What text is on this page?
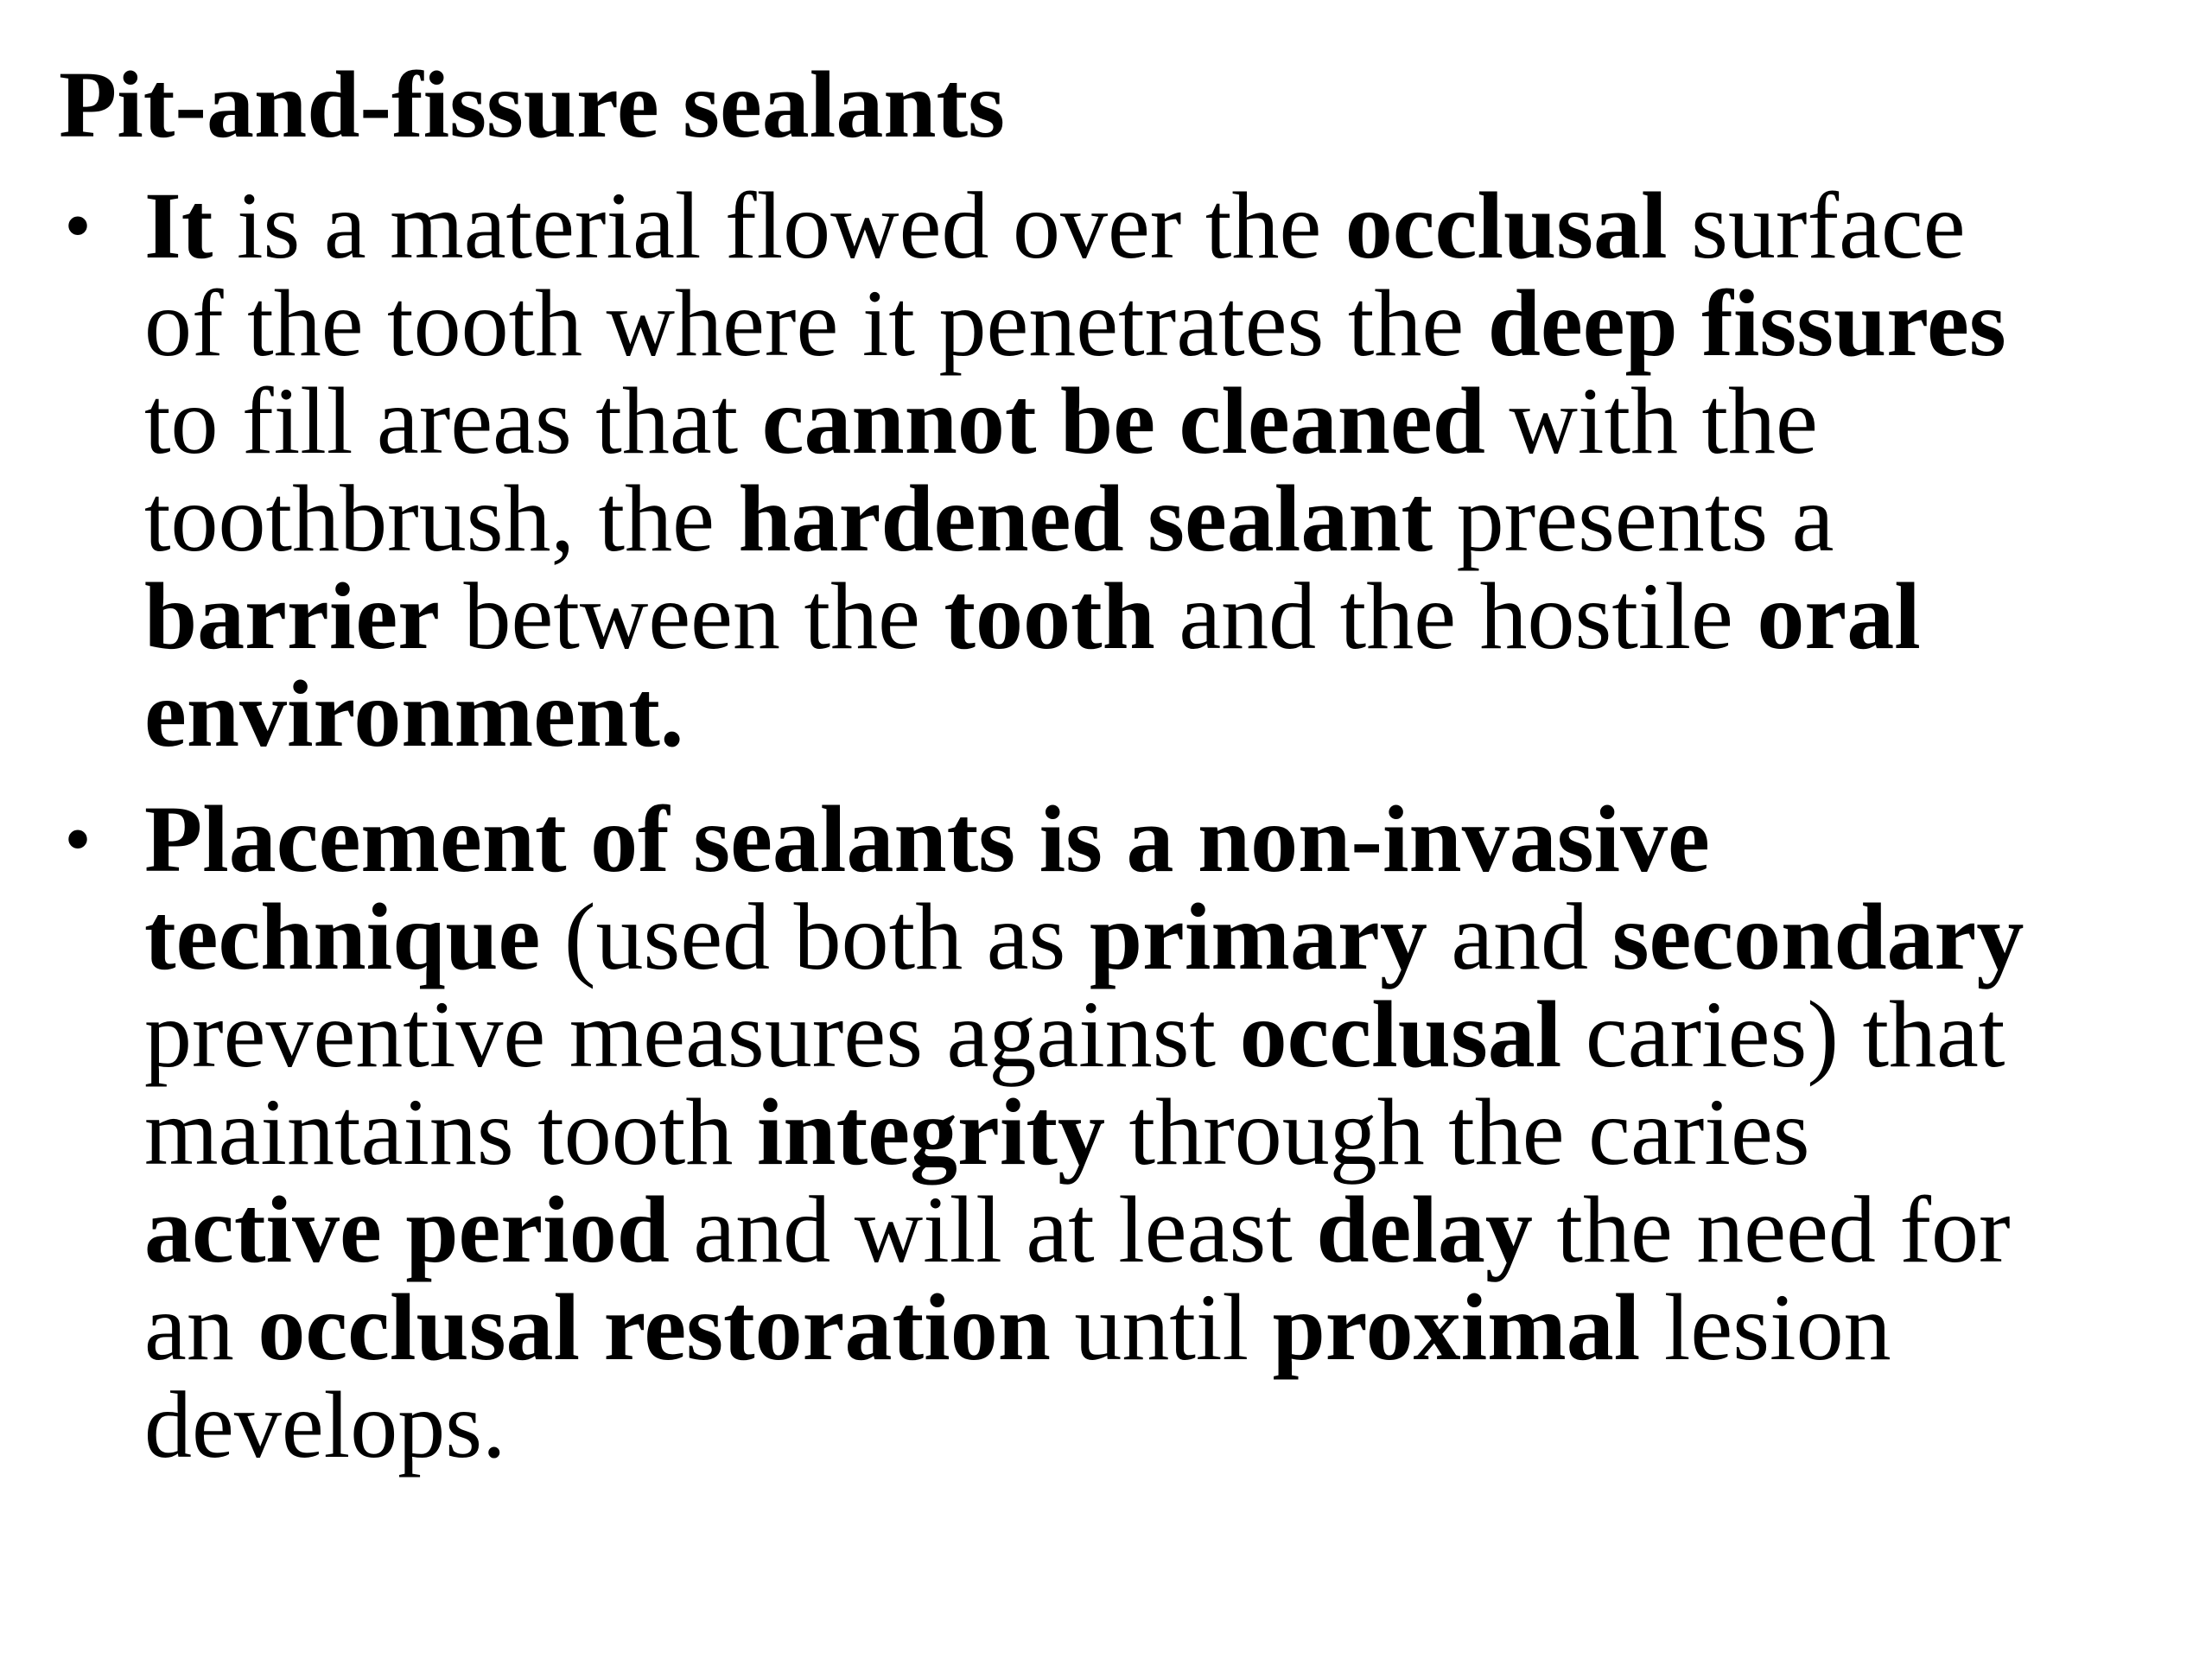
Pit-and-fissure sealants
• It is a material flowed over the occlusal surface
of the tooth where it penetrates the deep fissures
to fill areas that cannot be cleaned with the
toothbrush, the hardened sealant presents a
barrier between the tooth and the hostile oral
environment.
• Placement of sealants is a non-invasive
technique (used both as primary and secondary
preventive measures against occlusal caries) that
maintains tooth integrity through the caries
active period and will at least delay the need for
an occlusal restoration until proximal lesion
develops.
